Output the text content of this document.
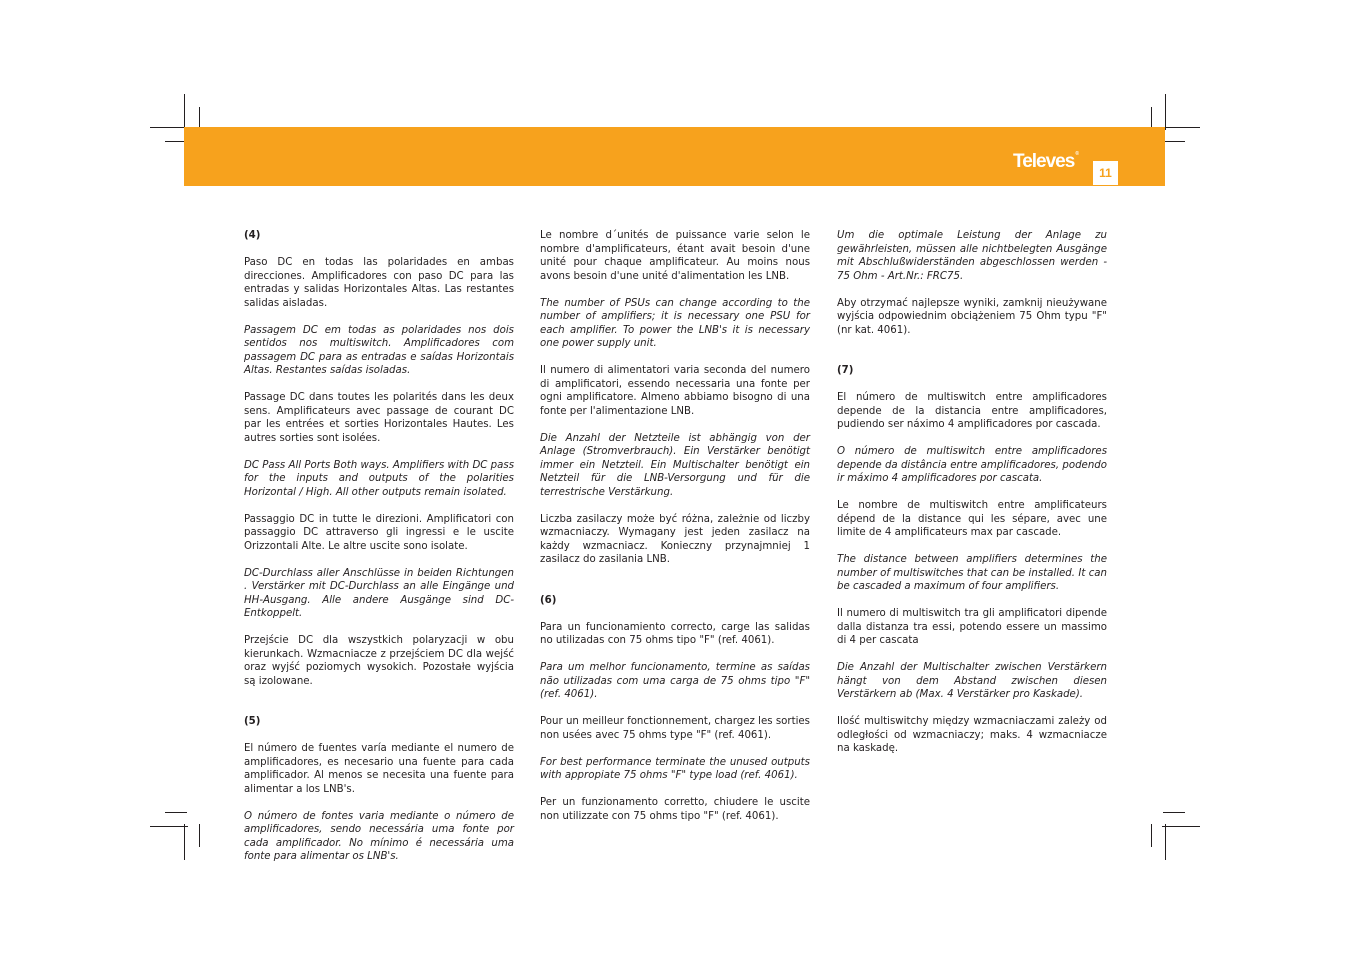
Televes®
11

(4)

Paso DC en todas las polaridades en ambas direcciones. Amplificadores con paso DC para las entradas y salidas Horizontales Altas. Las restantes salidas aisladas.

Passagem DC em todas as polaridades nos dois sentidos nos multiswitch. Amplificadores com passagem DC para as entradas e saídas Horizontais Altas. Restantes saídas isoladas.

Passage DC dans toutes les polarités dans les deux sens. Amplificateurs avec passage de courant DC par les entrées et sorties Horizontales Hautes. Les autres sorties sont isolées.

DC Pass All Ports Both ways. Amplifiers with DC pass for the inputs and outputs of the polarities Horizontal / High. All other outputs remain isolated.

Passaggio DC in tutte le direzioni. Amplificatori con passaggio DC attraverso gli ingressi e le uscite Orizzontali Alte. Le altre uscite sono isolate.

DC-Durchlass aller Anschlüsse in beiden Richtungen . Verstärker mit DC-Durchlass an alle Eingänge und HH-Ausgang. Alle andere Ausgänge sind DC-Entkoppelt.

Przejście DC dla wszystkich polaryzacji w obu kierunkach. Wzmacniacze z przejściem DC dla wejść oraz wyjść poziomych wysokich. Pozostałe wyjścia są izolowane.

(5)

El número de fuentes varía mediante el numero de amplificadores, es necesario una fuente para cada amplificador. Al menos se necesita una fuente para alimentar a los LNB's.

O número de fontes varia mediante o número de amplificadores, sendo necessária uma fonte por cada amplificador. No mínimo é necessária uma fonte para alimentar os LNB's.

Le nombre d´unités de puissance varie selon le nombre d'amplificateurs, étant avait besoin d'une unité pour chaque amplificateur. Au moins nous avons besoin d'une unité d'alimentation les LNB.

The number of PSUs can change according to the number of amplifiers; it is necessary one PSU for each amplifier. To power the LNB's it is necessary one power supply unit.

Il numero di alimentatori varia seconda del numero di amplificatori, essendo necessaria una fonte per ogni amplificatore. Almeno abbiamo bisogno di una fonte per l'alimentazione LNB.

Die Anzahl der Netzteile ist abhängig von der Anlage (Stromverbrauch). Ein Verstärker benötigt immer ein Netzteil. Ein Multischalter benötigt ein Netzteil für die LNB-Versorgung und für die terrestrische Verstärkung.

Liczba zasilaczy może być różna, zależnie od liczby wzmacniaczy. Wymagany jest jeden zasilacz na każdy wzmacniacz. Konieczny przynajmniej 1 zasilacz do zasilania LNB.

(6)

Para un funcionamiento correcto, carge las salidas no utilizadas con 75 ohms tipo "F" (ref. 4061).

Para um melhor funcionamento, termine as saídas não utilizadas com uma carga de 75 ohms tipo "F" (ref. 4061).

Pour un meilleur fonctionnement, chargez les sorties non usées avec 75 ohms type "F" (ref. 4061).

For best performance terminate the unused outputs with appropiate 75 ohms "F" type load (ref. 4061).

Per un funzionamento corretto, chiudere le uscite non utilizzate con 75 ohms tipo "F" (ref. 4061).

Um die optimale Leistung der Anlage zu gewährleisten, müssen alle nichtbelegten Ausgänge mit Abschlußwiderständen abgeschlossen werden - 75 Ohm - Art.Nr.: FRC75.

Aby otrzymać najlepsze wyniki, zamknij nieużywane wyjścia odpowiednim obciążeniem 75 Ohm typu "F" (nr kat. 4061).

(7)

El número de multiswitch entre amplificadores depende de la distancia entre amplificadores, pudiendo ser náximo 4 amplificadores por cascada.

O número de multiswitch entre amplificadores depende da distância entre amplificadores, podendo ir máximo 4 amplificadores por cascata.

Le nombre de multiswitch entre amplificateurs dépend de la distance qui les sépare, avec une limite de 4 amplificateurs max par cascade.

The distance between amplifiers determines the number of multiswitches that can be installed. It can be cascaded a maximum of four amplifiers.

Il numero di multiswitch tra gli amplificatori dipende dalla distanza tra essi, potendo essere un massimo di 4 per cascata

Die Anzahl der Multischalter zwischen Verstärkern hängt von dem Abstand zwischen diesen Verstärkern ab (Max. 4 Verstärker pro Kaskade).

Ilość multiswitchy między wzmacniaczami zależy od odległości od wzmacniaczy; maks. 4 wzmacniacze na kaskadę.
